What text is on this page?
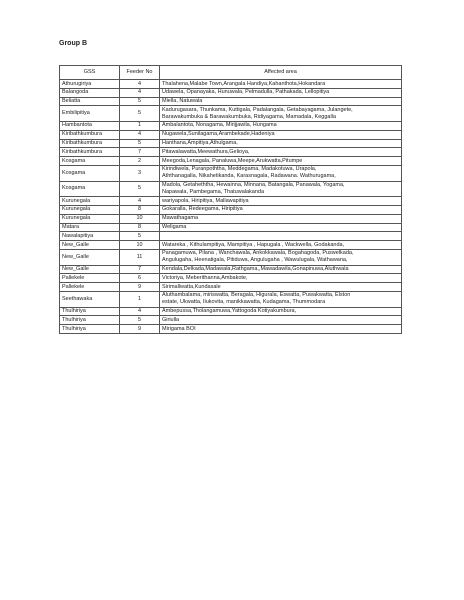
Group B
GSS	Feeder No	Affected area
Athurugiriya	4	Thalahena,Malabe Town,Arangala Handiya,Kahanthota,Hokandara
Balangoda	4	Udawela, Opanayaka, Hunuwala, Pelmadulla, Pathakada, Lellopitiya
Beliatta	5	Miella, Natuwala
Embilipitiya	5	Kadurugasara, Thunkama, Kuttigala, Padalangala, Getabayagama, Julangete,
Barawakumbuka & Barawakumbuka, Ridiyagama, Mamadala, Keggalla
Hambantota	1	Ambalantota, Nonagama, Mirijjawila, Hungama
Kiribathkumbura	4	Nugawela,Sunilagama,Arambekade,Hadeniya
Kiribathkumbura	5	Hanthana,Ampitiya,Athulgama,
Kiribathkumbura	7	Pitawalawatta,Meewathura,Gelioya,
Kosgama	2	Meegoda,Lenagala, Panaluwa,Meepe,Arukwatta,Pitumpe
Kosgama	3	Kirindiwela, Puranpoththa, Meddegama, Madakotuwa, Urapola,
Aththanagalla, Nikahetikanda, Karasnagala, Radawana. Wathurugama,
Kosgama	5	Madola, Getaheththa, Hewainna, Minnana, Batangala, Panawala, Yogama,
Napawala, Pambegama, Thatuwalakanda
Kurunegala	4	wariyapola, Hiripitiya, Mallawapitiya
Kurunegala	8	Gokaralla, Redeegama, Hiripitiya
Kurunegala	10	Mawathagama
Matara	8	Weligama
Nawalapitiya	5	
New_Galle	10	Watareka , Kithulampitiya, Mampitiya , Hapugala , Wackwella, Godakanda,
New_Galle	11	Panagamuwa, Pilana , Wanchawala, Ankokkawala, Bogahagoda, Puswelkada,
Angulugaha, Heenatigala, Pitiduwa, Angulugaha , Wawulugala, Wathawana,
New_Galle	7	Kendala,Delkada,Madawala,Rathgama,,Mawadawila,Gonapinuwa,Aluthwala
Pallekele	6	Victoriya, Meberithanna,Ambakote,
Pallekele	9	Sirimallwatta,Kundasale
Seethawaka	1	Aluthambalama, miriswatta, Beragala, Higurala, Eswatta, Puwakwatta, Elston
estate, Ukwatta, Ilukovita, manikkawatta, Kudagama, Thummodara
Thulhiriya	4	Ambepussa,Tholangamuwa,Yattogoda Kotiyakumbura,
Thulhiriya	5	Giriulla
Thulhiriya	9	Mirigama BOI
